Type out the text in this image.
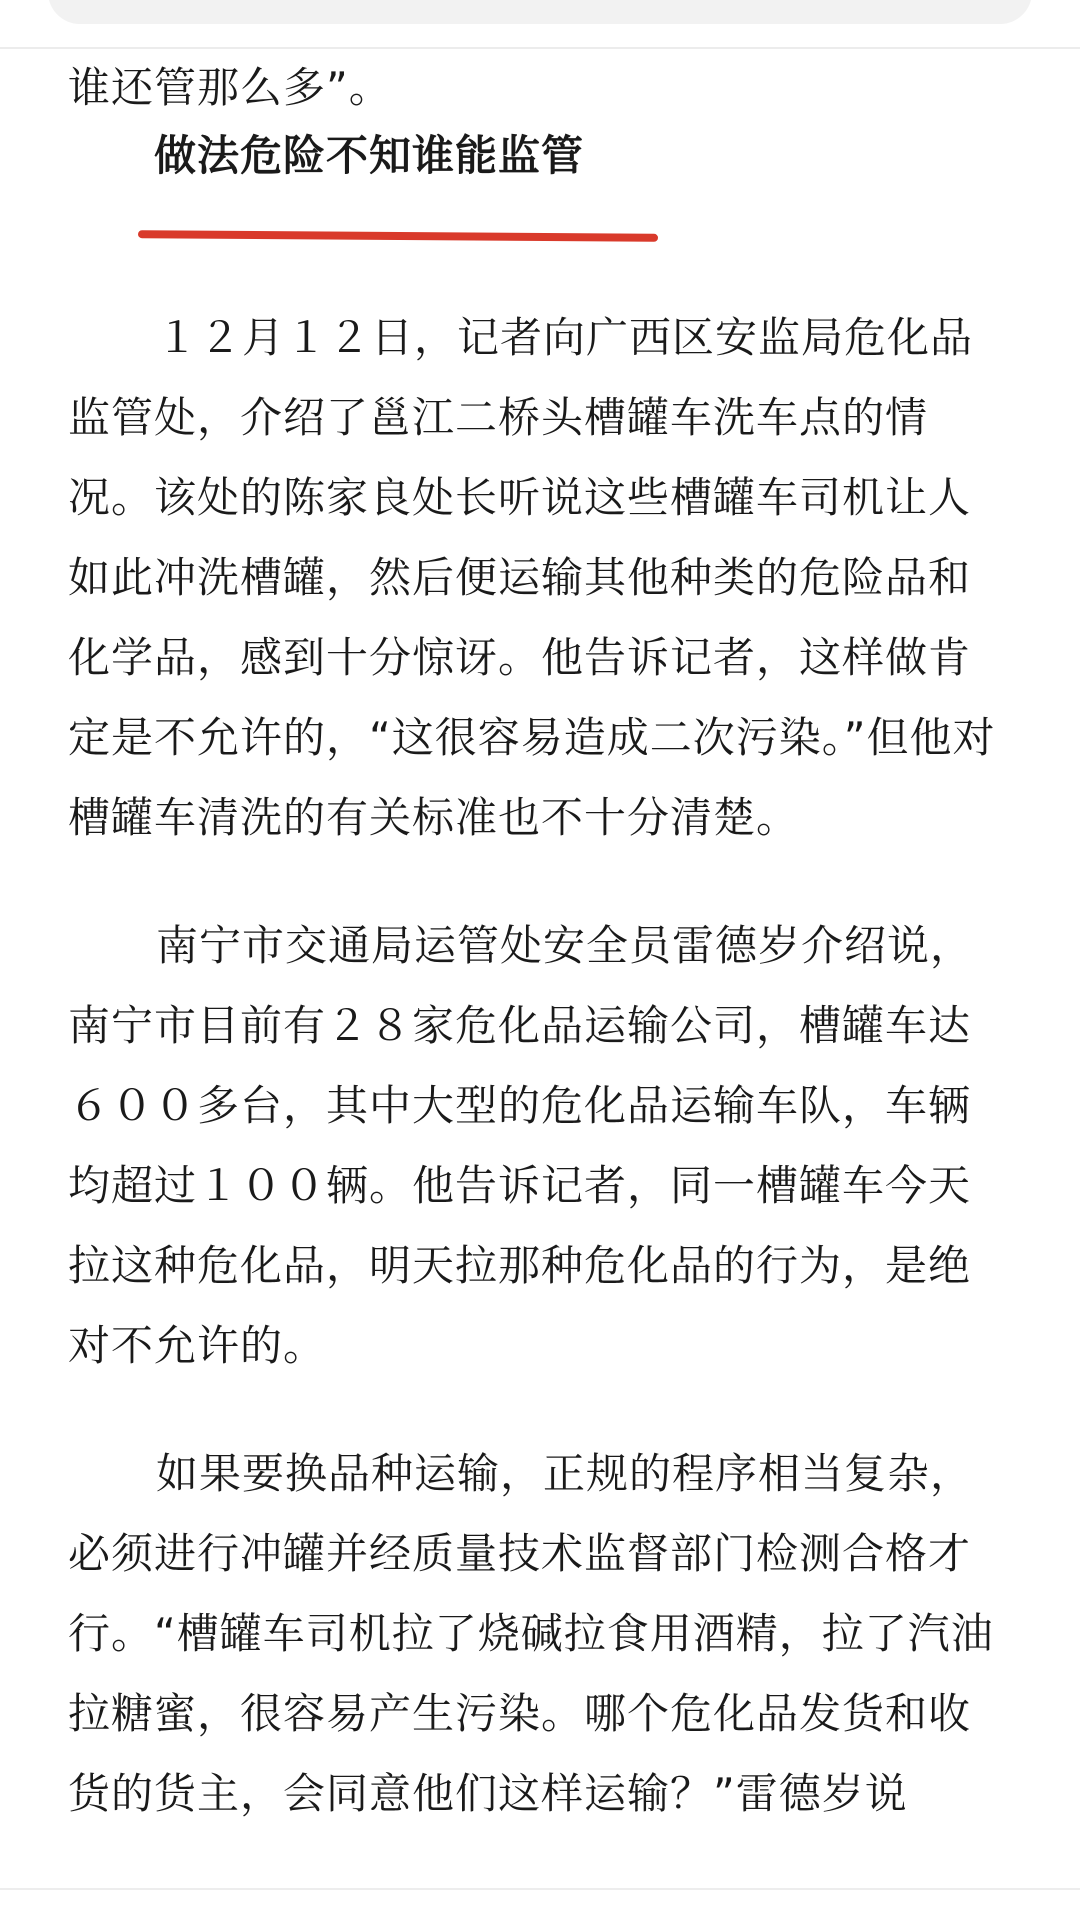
谁还管那么多”。

做法危险不知谁能监管

１２月１２日，记者向广西区安监局危化品监管处，介绍了邕江二桥头槽罐车洗车点的情况。该处的陈家良处长听说这些槽罐车司机让人如此冲洗槽罐，然后便运输其他种类的危险品和化学品，感到十分惊讶。他告诉记者，这样做肯定是不允许的，“这很容易造成二次污染。”但他对槽罐车清洗的有关标准也不十分清楚。

南宁市交通局运管处安全员雷德岁介绍说，南宁市目前有２８家危化品运输公司，槽罐车达６００多台，其中大型的危化品运输车队，车辆均超过１００辆。他告诉记者，同一槽罐车今天拉这种危化品，明天拉那种危化品的行为，是绝对不允许的。

如果要换品种运输，正规的程序相当复杂，必须进行冲罐并经质量技术监督部门检测合格才行。“槽罐车司机拉了烧碱拉食用酒精，拉了汽油拉糖蜜，很容易产生污染。哪个危化品发货和收货的货主，会同意他们这样运输？”雷德岁说
